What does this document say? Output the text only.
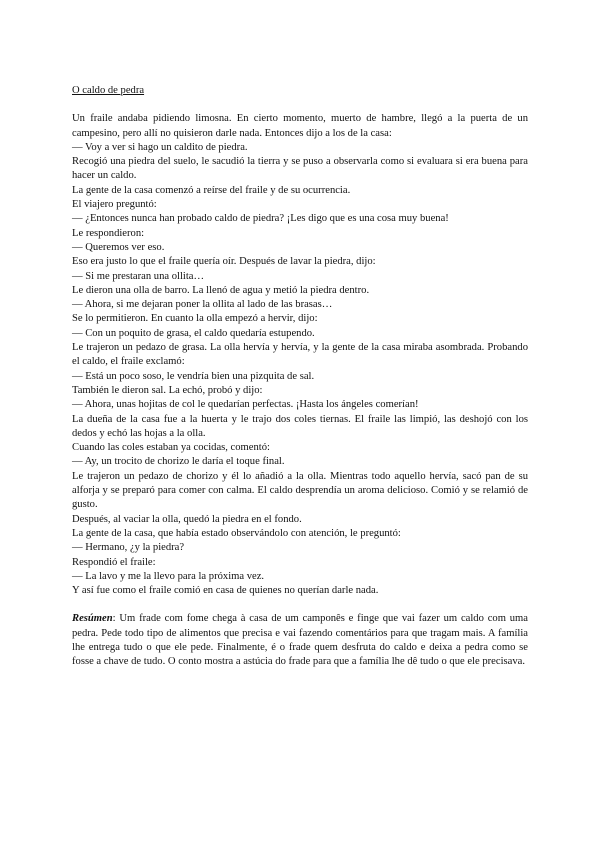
O caldo de pedra

Un fraile andaba pidiendo limosna. En cierto momento, muerto de hambre, llegó a la puerta de un campesino, pero allí no quisieron darle nada. Entonces dijo a los de la casa:

— Voy a ver si hago un caldito de piedra.

Recogió una piedra del suelo, le sacudió la tierra y se puso a observarla como si evaluara si era buena para hacer un caldo.

La gente de la casa comenzó a reírse del fraile y de su ocurrencia.

El viajero preguntó:

— ¿Entonces nunca han probado caldo de piedra? ¡Les digo que es una cosa muy buena!

Le respondieron:

— Queremos ver eso.

Eso era justo lo que el fraile quería oír. Después de lavar la piedra, dijo:

— Si me prestaran una ollita…

Le dieron una olla de barro. La llenó de agua y metió la piedra dentro.

— Ahora, si me dejaran poner la ollita al lado de las brasas…

Se lo permitieron. En cuanto la olla empezó a hervir, dijo:

— Con un poquito de grasa, el caldo quedaría estupendo.

Le trajeron un pedazo de grasa. La olla hervía y hervía, y la gente de la casa miraba asombrada. Probando el caldo, el fraile exclamó:

— Está un poco soso, le vendría bien una pizquita de sal.

También le dieron sal. La echó, probó y dijo:

— Ahora, unas hojitas de col le quedarían perfectas. ¡Hasta los ángeles comerían!

La dueña de la casa fue a la huerta y le trajo dos coles tiernas. El fraile las limpió, las deshojó con los dedos y echó las hojas a la olla.

Cuando las coles estaban ya cocidas, comentó:

— Ay, un trocito de chorizo le daría el toque final.

Le trajeron un pedazo de chorizo y él lo añadió a la olla. Mientras todo aquello hervía, sacó pan de su alforja y se preparó para comer con calma. El caldo desprendía un aroma delicioso. Comió y se relamió de gusto.

Después, al vaciar la olla, quedó la piedra en el fondo.

La gente de la casa, que había estado observándolo con atención, le preguntó:

— Hermano, ¿y la piedra?

Respondió el fraile:

— La lavo y me la llevo para la próxima vez.

Y así fue como el fraile comió en casa de quienes no querían darle nada.

Resúmen: Um frade com fome chega à casa de um camponês e finge que vai fazer um caldo com uma pedra. Pede todo tipo de alimentos que precisa e vai fazendo comentários para que tragam mais. A família lhe entrega tudo o que ele pede. Finalmente, é o frade quem desfruta do caldo e deixa a pedra como se fosse a chave de tudo. O conto mostra a astúcia do frade para que a família lhe dê tudo o que ele precisava.
